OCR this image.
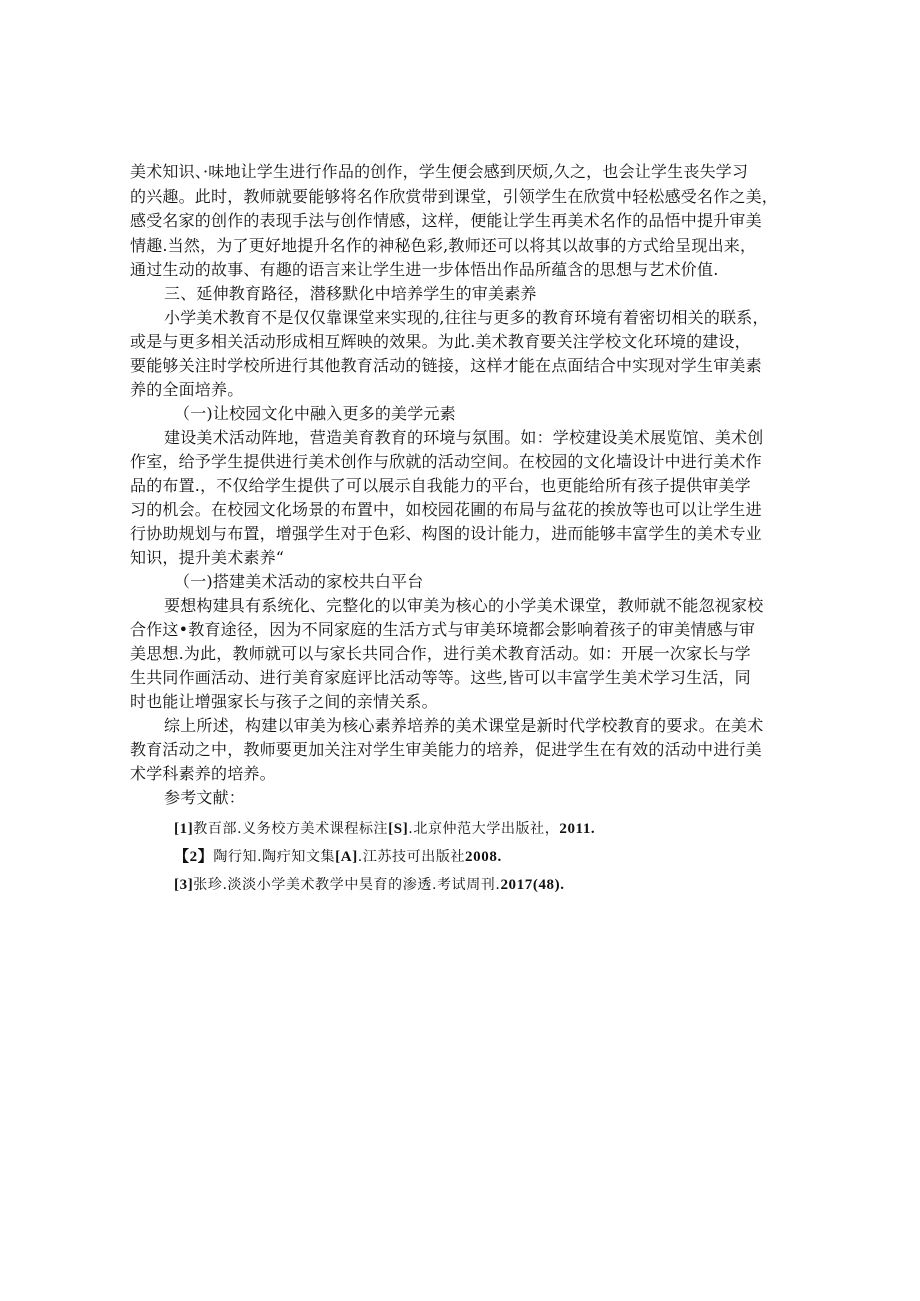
美术知识、·味地让学生进行作品的创作，学生便会感到厌烦,久之，也会让学生丧失学习
的兴趣。此时，教师就要能够将名作欣赏带到课堂，引领学生在欣赏中轻松感受名作之美，
感受名家的创作的表现手法与创作情感，这样，便能让学生再美术名作的品悟中提升审美
情趣.当然，为了更好地提升名作的神秘色彩,教师还可以将其以故事的方式给呈现出来，
通过生动的故事、有趣的语言来让学生进一步体悟出作品所蕴含的思想与艺术价值.
三、延伸教育路径，潜移默化中培养学生的审美素养
小学美术教育不是仅仅靠课堂来实现的,往往与更多的教育环境有着密切相关的联系，
或是与更多相关活动形成相互辉映的效果。为此.美术教育要关注学校文化环境的建设，
要能够关注时学校所进行其他教育活动的链接，这样才能在点面结合中实现对学生审美素
养的全面培养。
（一)让校园文化中融入更多的美学元素
建设美术活动阵地，营造美育教育的环境与氛围。如：学校建设美术展览馆、美术创
作室，给予学生提供进行美术创作与欣就的活动空间。在校园的文化墙设计中进行美术作
品的布置.，不仅给学生提供了可以展示自我能力的平台，也更能给所有孩子提供审美学
习的机会。在校园文化场景的布置中，如校园花圃的布局与盆花的挨放等也可以让学生进
行协助规划与布置，增强学生对于色彩、构图的设计能力，进而能够丰富学生的美术专业
知识，提升美术素养“
（一)搭建美术活动的家校共白平台
要想构建具有系统化、完整化的以审美为核心的小学美术课堂，教师就不能忽视家校
合作这•教育途径，因为不同家庭的生活方式与审美环境都会影响着孩子的审美情感与审
美思想.为此，教师就可以与家长共同合作，进行美术教育活动。如：开展一次家长与学
生共同作画活动、进行美育家庭评比活动等等。这些,皆可以丰富学生美术学习生活，同
时也能让增强家长与孩子之间的亲情关系。
综上所述，构建以审美为核心素养培养的美术课堂是新时代学校教育的要求。在美术
教育活动之中，教师要更加关注对学生审美能力的培养，促进学生在有效的活动中进行美
术学科素养的培养。
参考文献：
[1]教百部.义务校方美术课程标注[S].北京仲范大学出版社，2011.
【2】陶行知.陶疔知文集[A].江苏技可出版社2008.
[3]张珍.淡淡小学美术教学中昊育的渗透.考试周刊.2017(48).
